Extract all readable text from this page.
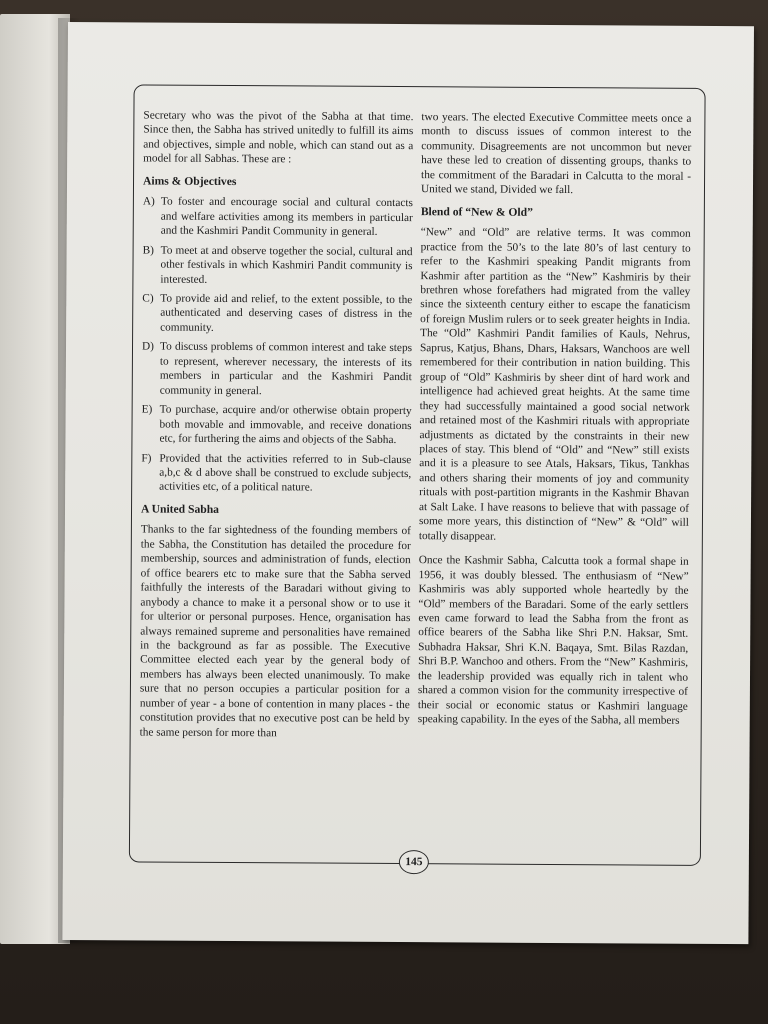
Secretary who was the pivot of the Sabha at that time. Since then, the Sabha has strived unitedly to fulfill its aims and objectives, simple and noble, which can stand out as a model for all Sabhas. These are :

Aims & Objectives
A) To foster and encourage social and cultural contacts and welfare activities among its members in particular and the Kashmiri Pandit Community in general.
B) To meet at and observe together the social, cultural and other festivals in which Kashmiri Pandit community is interested.
C) To provide aid and relief, to the extent possible, to the authenticated and deserving cases of distress in the community.
D) To discuss problems of common interest and take steps to represent, wherever necessary, the interests of its members in particular and the Kashmiri Pandit community in general.
E) To purchase, acquire and/or otherwise obtain property both movable and immovable, and receive donations etc, for furthering the aims and objects of the Sabha.
F) Provided that the activities referred to in Sub-clause a,b,c & d above shall be construed to exclude subjects, activities etc, of a political nature.
A United Sabha

Thanks to the far sightedness of the founding members of the Sabha, the Constitution has detailed the procedure for membership, sources and administration of funds, election of office bearers etc to make sure that the Sabha served faithfully the interests of the Baradari without giving to anybody a chance to make it a personal show or to use it for ulterior or personal purposes. Hence, organisation has always remained supreme and personalities have remained in the background as far as possible. The Executive Committee elected each year by the general body of members has always been elected unanimously. To make sure that no person occupies a particular position for a number of year - a bone of contention in many places - the constitution provides that no executive post can be held by the same person for more than

two years. The elected Executive Committee meets once a month to discuss issues of common interest to the community. Disagreements are not uncommon but never have these led to creation of dissenting groups, thanks to the commitment of the Baradari in Calcutta to the moral - United we stand, Divided we fall.

Blend of “New & Old”

“New” and “Old” are relative terms. It was common practice from the 50’s to the late 80’s of last century to refer to the Kashmiri speaking Pandit migrants from Kashmir after partition as the “New” Kashmiris by their brethren whose forefathers had migrated from the valley since the sixteenth century either to escape the fanaticism of foreign Muslim rulers or to seek greater heights in India. The “Old” Kashmiri Pandit families of Kauls, Nehrus, Saprus, Katjus, Bhans, Dhars, Haksars, Wanchoos are well remembered for their contribution in nation building. This group of “Old” Kashmiris by sheer dint of hard work and intelligence had achieved great heights. At the same time they had successfully maintained a good social network and retained most of the Kashmiri rituals with appropriate adjustments as dictated by the constraints in their new places of stay. This blend of “Old” and “New” still exists and it is a pleasure to see Atals, Haksars, Tikus, Tankhas and others sharing their moments of joy and community rituals with post-partition migrants in the Kashmir Bhavan at Salt Lake. I have reasons to believe that with passage of some more years, this distinction of “New” & “Old” will totally disappear.

Once the Kashmir Sabha, Calcutta took a formal shape in 1956, it was doubly blessed. The enthusiasm of “New” Kashmiris was ably supported whole heartedly by the “Old” members of the Baradari. Some of the early settlers even came forward to lead the Sabha from the front as office bearers of the Sabha like Shri P.N. Haksar, Smt. Subhadra Haksar, Shri K.N. Baqaya, Smt. Bilas Razdan, Shri B.P. Wanchoo and others. From the “New” Kashmiris, the leadership provided was equally rich in talent who shared a common vision for the community irrespective of their social or economic status or Kashmiri language speaking capability. In the eyes of the Sabha, all members

145
